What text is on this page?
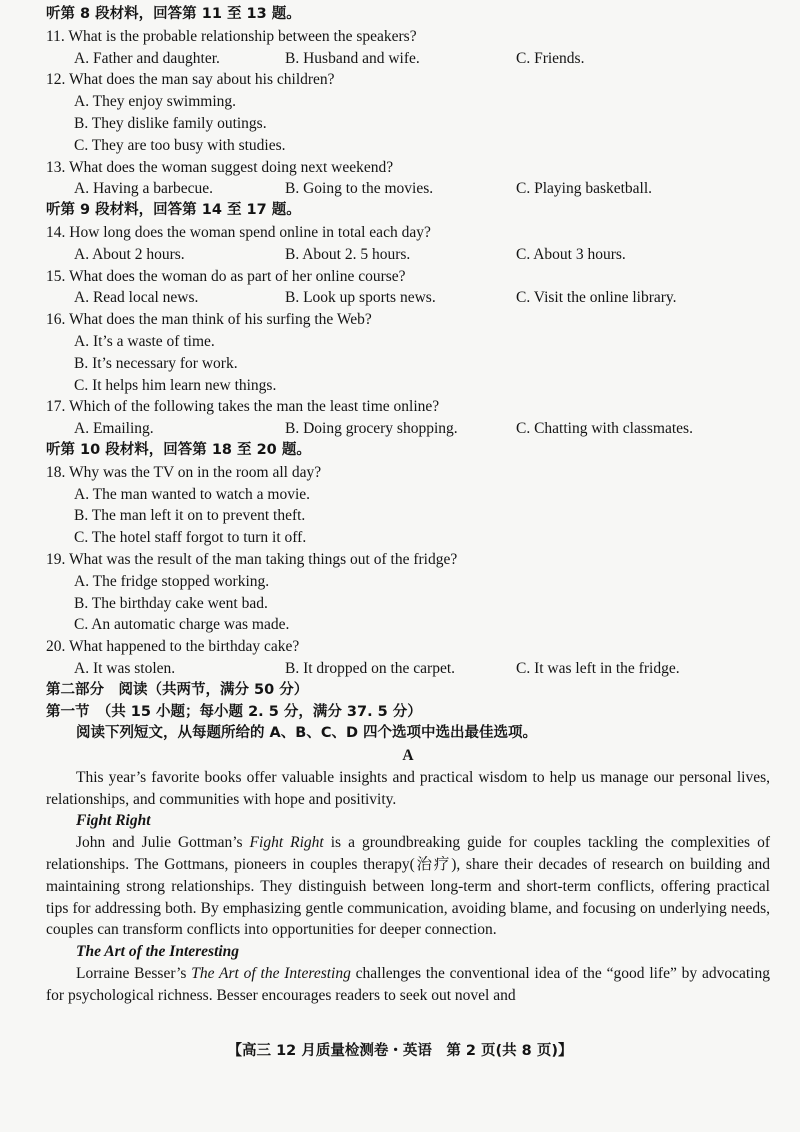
听第 8 段材料，回答第 11 至 13 题。
11. What is the probable relationship between the speakers?
A. Father and daughter.	B. Husband and wife.	C. Friends.
12. What does the man say about his children?
A. They enjoy swimming.
B. They dislike family outings.
C. They are too busy with studies.
13. What does the woman suggest doing next weekend?
A. Having a barbecue.	B. Going to the movies.	C. Playing basketball.
听第 9 段材料，回答第 14 至 17 题。
14. How long does the woman spend online in total each day?
A. About 2 hours.	B. About 2. 5 hours.	C. About 3 hours.
15. What does the woman do as part of her online course?
A. Read local news.	B. Look up sports news.	C. Visit the online library.
16. What does the man think of his surfing the Web?
A. It’s a waste of time.
B. It’s necessary for work.
C. It helps him learn new things.
17. Which of the following takes the man the least time online?
A. Emailing.	B. Doing grocery shopping.	C. Chatting with classmates.
听第 10 段材料，回答第 18 至 20 题。
18. Why was the TV on in the room all day?
A. The man wanted to watch a movie.
B. The man left it on to prevent theft.
C. The hotel staff forgot to turn it off.
19. What was the result of the man taking things out of the fridge?
A. The fridge stopped working.
B. The birthday cake went bad.
C. An automatic charge was made.
20. What happened to the birthday cake?
A. It was stolen.	B. It dropped on the carpet.	C. It was left in the fridge.
第二部分　阅读（共两节，满分 50 分）
第一节　（共 15 小题；每小题 2. 5 分，满分 37. 5 分）
阅读下列短文，从每题所给的 A、B、C、D 四个选项中选出最佳选项。
A
This year’s favorite books offer valuable insights and practical wisdom to help us manage our personal lives, relationships, and communities with hope and positivity.
Fight Right
John and Julie Gottman’s Fight Right is a groundbreaking guide for couples tackling the complexities of relationships. The Gottmans, pioneers in couples therapy(治疗), share their decades of research on building and maintaining strong relationships. They distinguish between long-term and short-term conflicts, offering practical tips for addressing both. By emphasizing gentle communication, avoiding blame, and focusing on underlying needs, couples can transform conflicts into opportunities for deeper connection.
The Art of the Interesting
Lorraine Besser’s The Art of the Interesting challenges the conventional idea of the “good life” by advocating for psychological richness. Besser encourages readers to seek out novel and
【高三 12 月质量检测卷・英语　第 2 页(共 8 页)】
